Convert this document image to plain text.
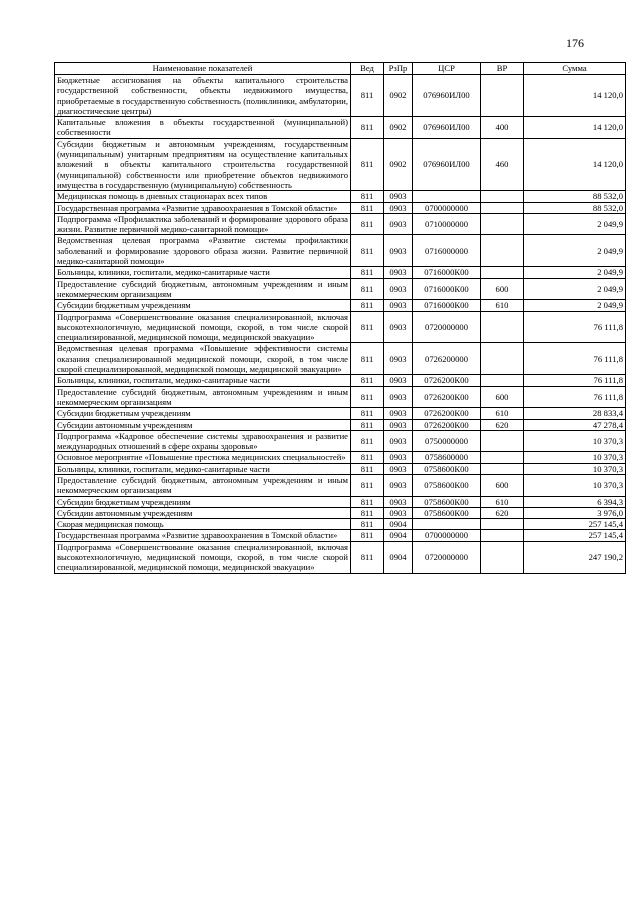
176
Наименование показателей	Вед	РзПр	ЦСР	ВР	Сумма
Бюджетные ассигнования на объекты капитального строительства государственной собственности, объекты недвижимого имущества, приобретаемые в государственную собственность (поликлиники, амбулатории, диагностические центры)	811	0902	076960ИЛ00		14 120,0
Капитальные вложения в объекты государственной (муниципальной) собственности	811	0902	076960ИЛ00	400	14 120,0
Субсидии бюджетным и автономным учреждениям, государственным (муниципальным) унитарным предприятиям на осуществление капитальных вложений в объекты капитального строительства государственной (муниципальной) собственности или приобретение объектов недвижимого имущества в государственную (муниципальную) собственность	811	0902	076960ИЛ00	460	14 120,0
Медицинская помощь в дневных стационарах всех типов	811	0903			88 532,0
Государственная программа «Развитие здравоохранения в Томской области»	811	0903	0700000000		88 532,0
Подпрограмма «Профилактика заболеваний и формирование здорового образа жизни. Развитие первичной медико-санитарной помощи»	811	0903	0710000000		2 049,9
Ведомственная целевая программа «Развитие системы профилактики заболеваний и формирование здорового образа жизни. Развитие первичной медико-санитарной помощи»	811	0903	0716000000		2 049,9
Больницы, клиники, госпитали, медико-санитарные части	811	0903	0716000К00		2 049,9
Предоставление субсидий бюджетным, автономным учреждениям и иным некоммерческим организациям	811	0903	0716000К00	600	2 049,9
Субсидии бюджетным учреждениям	811	0903	0716000К00	610	2 049,9
Подпрограмма «Совершенствование оказания специализированной, включая высокотехнологичную, медицинской помощи, скорой, в том числе скорой специализированной, медицинской помощи, медицинской эвакуации»	811	0903	0720000000		76 111,8
Ведомственная целевая программа «Повышение эффективности системы оказания специализированной медицинской помощи, скорой, в том числе скорой специализированной, медицинской помощи, медицинской эвакуации»	811	0903	0726200000		76 111,8
Больницы, клиники, госпитали, медико-санитарные части	811	0903	0726200К00		76 111,8
Предоставление субсидий бюджетным, автономным учреждениям и иным некоммерческим организациям	811	0903	0726200К00	600	76 111,8
Субсидии бюджетным учреждениям	811	0903	0726200К00	610	28 833,4
Субсидии автономным учреждениям	811	0903	0726200К00	620	47 278,4
Подпрограмма «Кадровое обеспечение системы здравоохранения и развитие международных отношений в сфере охраны здоровья»	811	0903	0750000000		10 370,3
Основное мероприятие «Повышение престижа медицинских специальностей»	811	0903	0758600000		10 370,3
Больницы, клиники, госпитали, медико-санитарные части	811	0903	0758600К00		10 370,3
Предоставление субсидий бюджетным, автономным учреждениям и иным некоммерческим организациям	811	0903	0758600К00	600	10 370,3
Субсидии бюджетным учреждениям	811	0903	0758600К00	610	6 394,3
Субсидии автономным учреждениям	811	0903	0758600К00	620	3 976,0
Скорая медицинская помощь	811	0904			257 145,4
Государственная программа «Развитие здравоохранения в Томской области»	811	0904	0700000000		257 145,4
Подпрограмма «Совершенствование оказания специализированной, включая высокотехнологичную, медицинской помощи, скорой, в том числе скорой специализированной, медицинской помощи, медицинской эвакуации»	811	0904	0720000000		247 190,2
